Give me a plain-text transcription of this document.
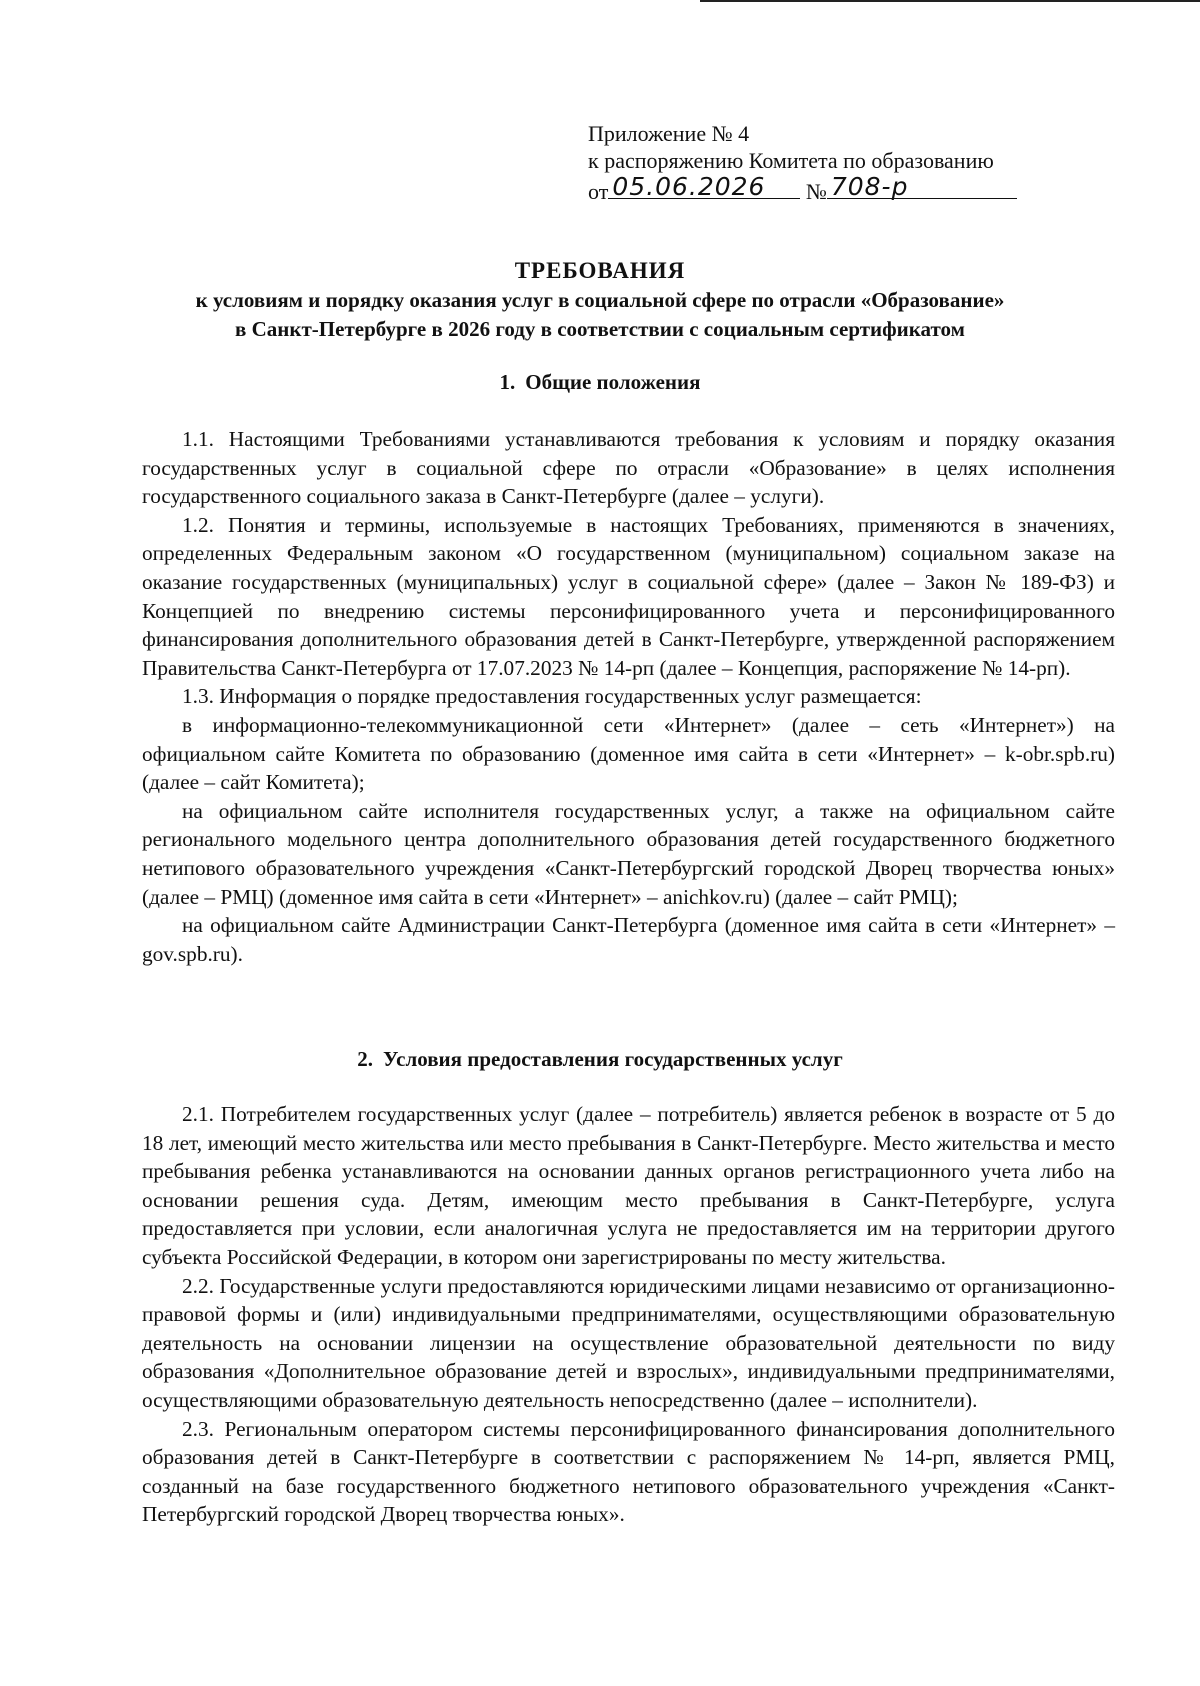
Приложение № 4
к распоряжению Комитета по образованию
от 05.06.2026 № 708-р
ТРЕБОВАНИЯ
к условиям и порядку оказания услуг в социальной сфере по отрасли «Образование»
в Санкт-Петербурге в 2026 году в соответствии с социальным сертификатом
1. Общие положения

1.1. Настоящими Требованиями устанавливаются требования к условиям и порядку оказания государственных услуг в социальной сфере по отрасли «Образование» в целях исполнения государственного социального заказа в Санкт-Петербурге (далее – услуги).

1.2. Понятия и термины, используемые в настоящих Требованиях, применяются в значениях, определенных Федеральным законом «О государственном (муниципальном) социальном заказе на оказание государственных (муниципальных) услуг в социальной сфере» (далее – Закон № 189-ФЗ) и Концепцией по внедрению системы персонифицированного учета и персонифицированного финансирования дополнительного образования детей в Санкт-Петербурге, утвержденной распоряжением Правительства Санкт-Петербурга от 17.07.2023 № 14-рп (далее – Концепция, распоряжение № 14-рп).

1.3. Информация о порядке предоставления государственных услуг размещается:

в информационно-телекоммуникационной сети «Интернет» (далее – сеть «Интернет») на официальном сайте Комитета по образованию (доменное имя сайта в сети «Интернет» – k-obr.spb.ru) (далее – сайт Комитета);

на официальном сайте исполнителя государственных услуг, а также на официальном сайте регионального модельного центра дополнительного образования детей государственного бюджетного нетипового образовательного учреждения «Санкт-Петербургский городской Дворец творчества юных» (далее – РМЦ) (доменное имя сайта в сети «Интернет» – anichkov.ru) (далее – сайт РМЦ);

на официальном сайте Администрации Санкт-Петербурга (доменное имя сайта в сети «Интернет» – gov.spb.ru).

2. Условия предоставления государственных услуг

2.1. Потребителем государственных услуг (далее – потребитель) является ребенок в возрасте от 5 до 18 лет, имеющий место жительства или место пребывания в Санкт-Петербурге. Место жительства и место пребывания ребенка устанавливаются на основании данных органов регистрационного учета либо на основании решения суда. Детям, имеющим место пребывания в Санкт-Петербурге, услуга предоставляется при условии, если аналогичная услуга не предоставляется им на территории другого субъекта Российской Федерации, в котором они зарегистрированы по месту жительства.

2.2. Государственные услуги предоставляются юридическими лицами независимо от организационно-правовой формы и (или) индивидуальными предпринимателями, осуществляющими образовательную деятельность на основании лицензии на осуществление образовательной деятельности по виду образования «Дополнительное образование детей и взрослых», индивидуальными предпринимателями, осуществляющими образовательную деятельность непосредственно (далее – исполнители).

2.3. Региональным оператором системы персонифицированного финансирования дополнительного образования детей в Санкт-Петербурге в соответствии с распоряжением № 14-рп, является РМЦ, созданный на базе государственного бюджетного нетипового образовательного учреждения «Санкт-Петербургский городской Дворец творчества юных».
